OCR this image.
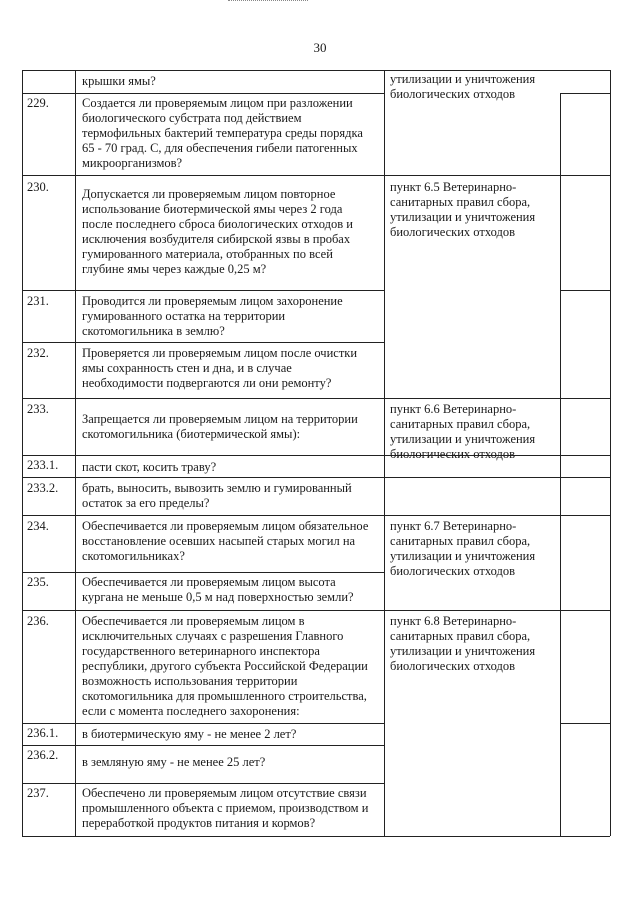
30
229.
230.
231.
232.
233.
233.1.
233.2.
234.
235.
236.
236.1.
236.2.
237.
крышки ямы?
Создается ли проверяемым лицом при разложении
биологического субстрата под действием
термофильных бактерий температура среды порядка
65 - 70 град. С, для обеспечения гибели патогенных
микроорганизмов?
Допускается ли проверяемым лицом повторное
использование биотермической ямы через 2 года
после последнего сброса биологических отходов и
исключения возбудителя сибирской язвы в пробах
гумированного материала, отобранных по всей
глубине ямы через каждые 0,25 м?
Проводится ли проверяемым лицом захоронение
гумированного остатка на территории
скотомогильника в землю?
Проверяется ли проверяемым лицом после очистки
ямы сохранность стен и дна, и в случае
необходимости подвергаются ли они ремонту?
Запрещается ли проверяемым лицом на территории
скотомогильника (биотермической ямы):
пасти скот, косить траву?
брать, выносить, вывозить землю и гумированный
остаток за его пределы?
Обеспечивается ли проверяемым лицом обязательное
восстановление осевших насыпей старых могил на
скотомогильниках?
Обеспечивается ли проверяемым лицом высота
кургана не меньше 0,5 м над поверхностью земли?
Обеспечивается ли проверяемым лицом в
исключительных случаях с разрешения Главного
государственного ветеринарного инспектора
республики, другого субъекта Российской Федерации
возможность использования территории
скотомогильника для промышленного строительства,
если с момента последнего захоронения:
в биотермическую яму - не менее 2 лет?
в земляную яму - не менее 25 лет?
Обеспечено ли проверяемым лицом отсутствие связи
промышленного объекта с приемом, производством и
переработкой продуктов питания и кормов?
утилизации и уничтожения
биологических отходов
пункт 6.5 Ветеринарно-
санитарных правил сбора,
утилизации и уничтожения
биологических отходов
пункт 6.6 Ветеринарно-
санитарных правил сбора,
утилизации и уничтожения
биологических отходов
пункт 6.7 Ветеринарно-
санитарных правил сбора,
утилизации и уничтожения
биологических отходов
пункт 6.8 Ветеринарно-
санитарных правил сбора,
утилизации и уничтожения
биологических отходов
